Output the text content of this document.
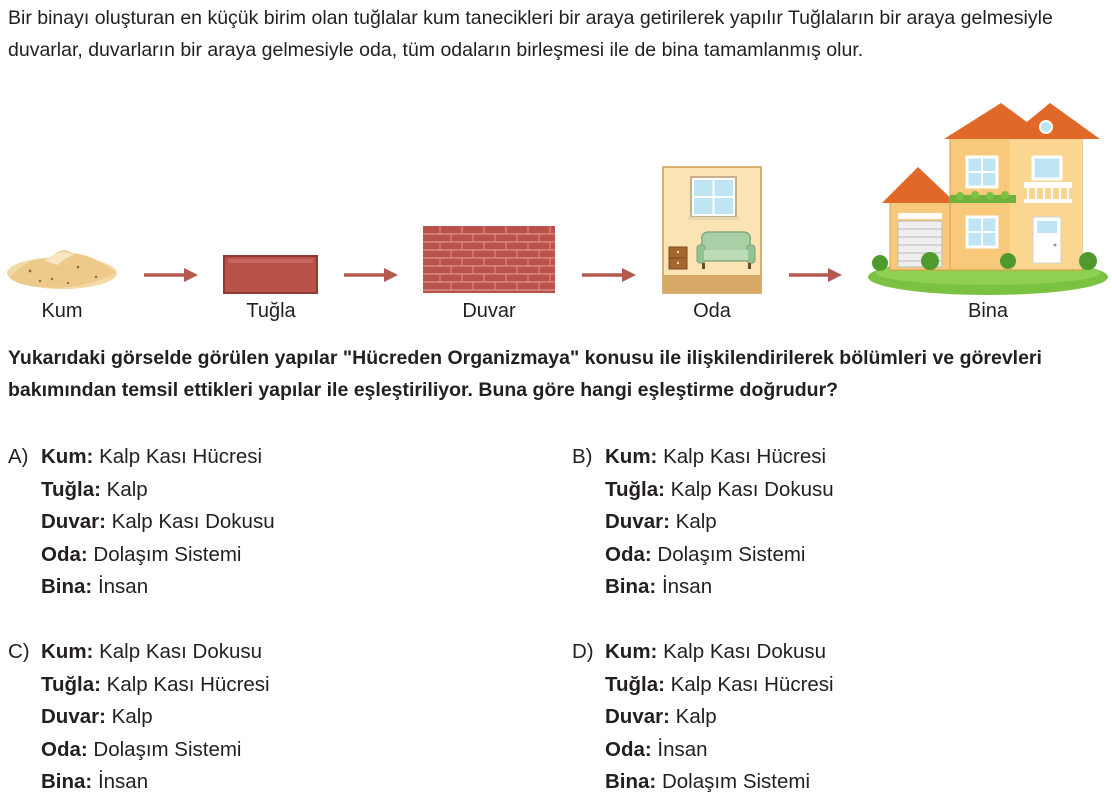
Bir binayı oluşturan en küçük birim olan tuğlalar kum tanecikleri bir araya getirilerek yapılır Tuğlaların bir araya gelmesiyle duvarlar, duvarların bir araya gelmesiyle oda, tüm odaların birleşmesi ile de bina tamamlanmış olur.

Kum	Tuğla	Duvar	Oda	Bina

Yukarıdaki görselde görülen yapılar "Hücreden Organizmaya" konusu ile ilişkilendirilerek bölümleri ve görevleri bakımından temsil ettikleri yapılar ile eşleştiriliyor. Buna göre hangi eşleştirme doğrudur?

A) Kum: Kalp Kası Hücresi
Tuğla: Kalp
Duvar: Kalp Kası Dokusu
Oda: Dolaşım Sistemi
Bina: İnsan
B) Kum: Kalp Kası Hücresi
Tuğla: Kalp Kası Dokusu
Duvar: Kalp
Oda: Dolaşım Sistemi
Bina: İnsan
C) Kum: Kalp Kası Dokusu
Tuğla: Kalp Kası Hücresi
Duvar: Kalp
Oda: Dolaşım Sistemi
Bina: İnsan
D) Kum: Kalp Kası Dokusu
Tuğla: Kalp Kası Hücresi
Duvar: Kalp
Oda: İnsan
Bina: Dolaşım Sistemi
